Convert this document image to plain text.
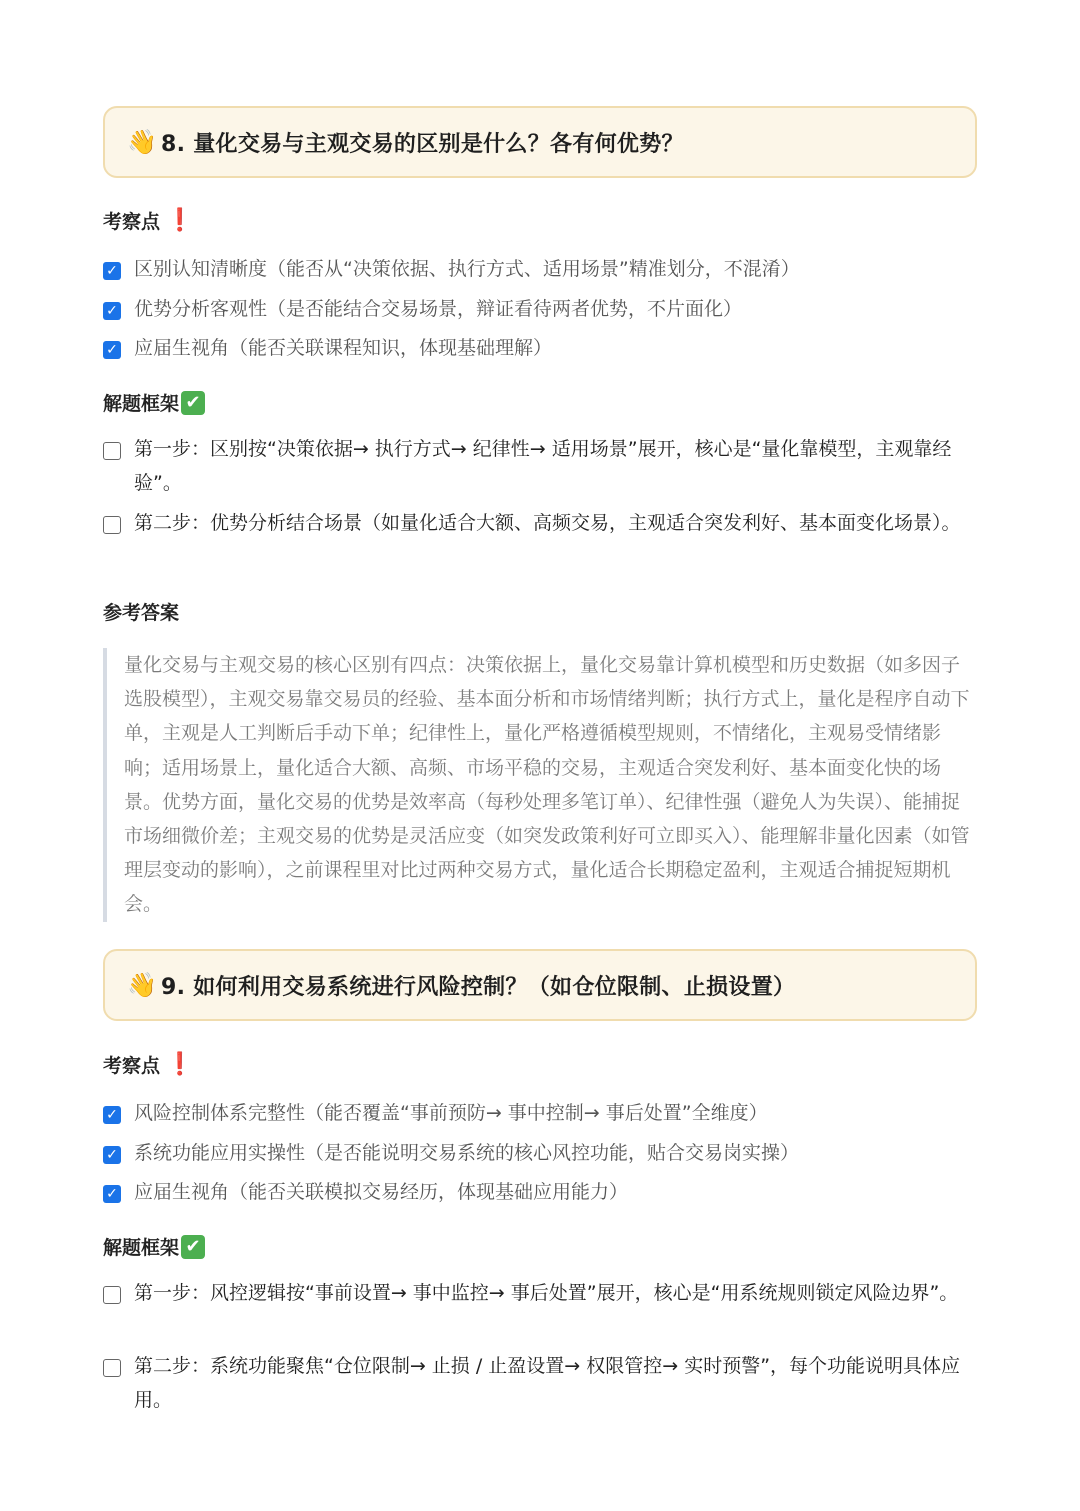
👋 8. 量化交易与主观交易的区别是什么？各有何优势？
考察点 ❗
✓ 区别认知清晰度（能否从“决策依据、执行方式、适用场景”精准划分，不混淆）
✓ 优势分析客观性（是否能结合交易场景，辩证看待两者优势，不片面化）
✓ 应届生视角（能否关联课程知识，体现基础理解）
解题框架 ✔
第一步：区别按“决策依据→ 执行方式→ 纪律性→ 适用场景”展开，核心是“量化靠模型，主观靠经验”。
第二步：优势分析结合场景（如量化适合大额、高频交易，主观适合突发利好、基本面变化场景）。
参考答案
量化交易与主观交易的核心区别有四点：决策依据上，量化交易靠计算机模型和历史数据（如多因子选股模型），主观交易靠交易员的经验、基本面分析和市场情绪判断；执行方式上，量化是程序自动下单，主观是人工判断后手动下单；纪律性上，量化严格遵循模型规则，不情绪化，主观易受情绪影响；适用场景上，量化适合大额、高频、市场平稳的交易，主观适合突发利好、基本面变化快的场景。优势方面，量化交易的优势是效率高（每秒处理多笔订单）、纪律性强（避免人为失误）、能捕捉市场细微价差；主观交易的优势是灵活应变（如突发政策利好可立即买入）、能理解非量化因素（如管理层变动的影响），之前课程里对比过两种交易方式，量化适合长期稳定盈利，主观适合捕捉短期机会。
👋 9. 如何利用交易系统进行风险控制？（如仓位限制、止损设置）
考察点 ❗
✓ 风险控制体系完整性（能否覆盖“事前预防→ 事中控制→ 事后处置”全维度）
✓ 系统功能应用实操性（是否能说明交易系统的核心风控功能，贴合交易岗实操）
✓ 应届生视角（能否关联模拟交易经历，体现基础应用能力）
解题框架 ✔
第一步：风控逻辑按“事前设置→ 事中监控→ 事后处置”展开，核心是“用系统规则锁定风险边界”。
第二步：系统功能聚焦“仓位限制→ 止损 / 止盈设置→ 权限管控→ 实时预警”，每个功能说明具体应用。
